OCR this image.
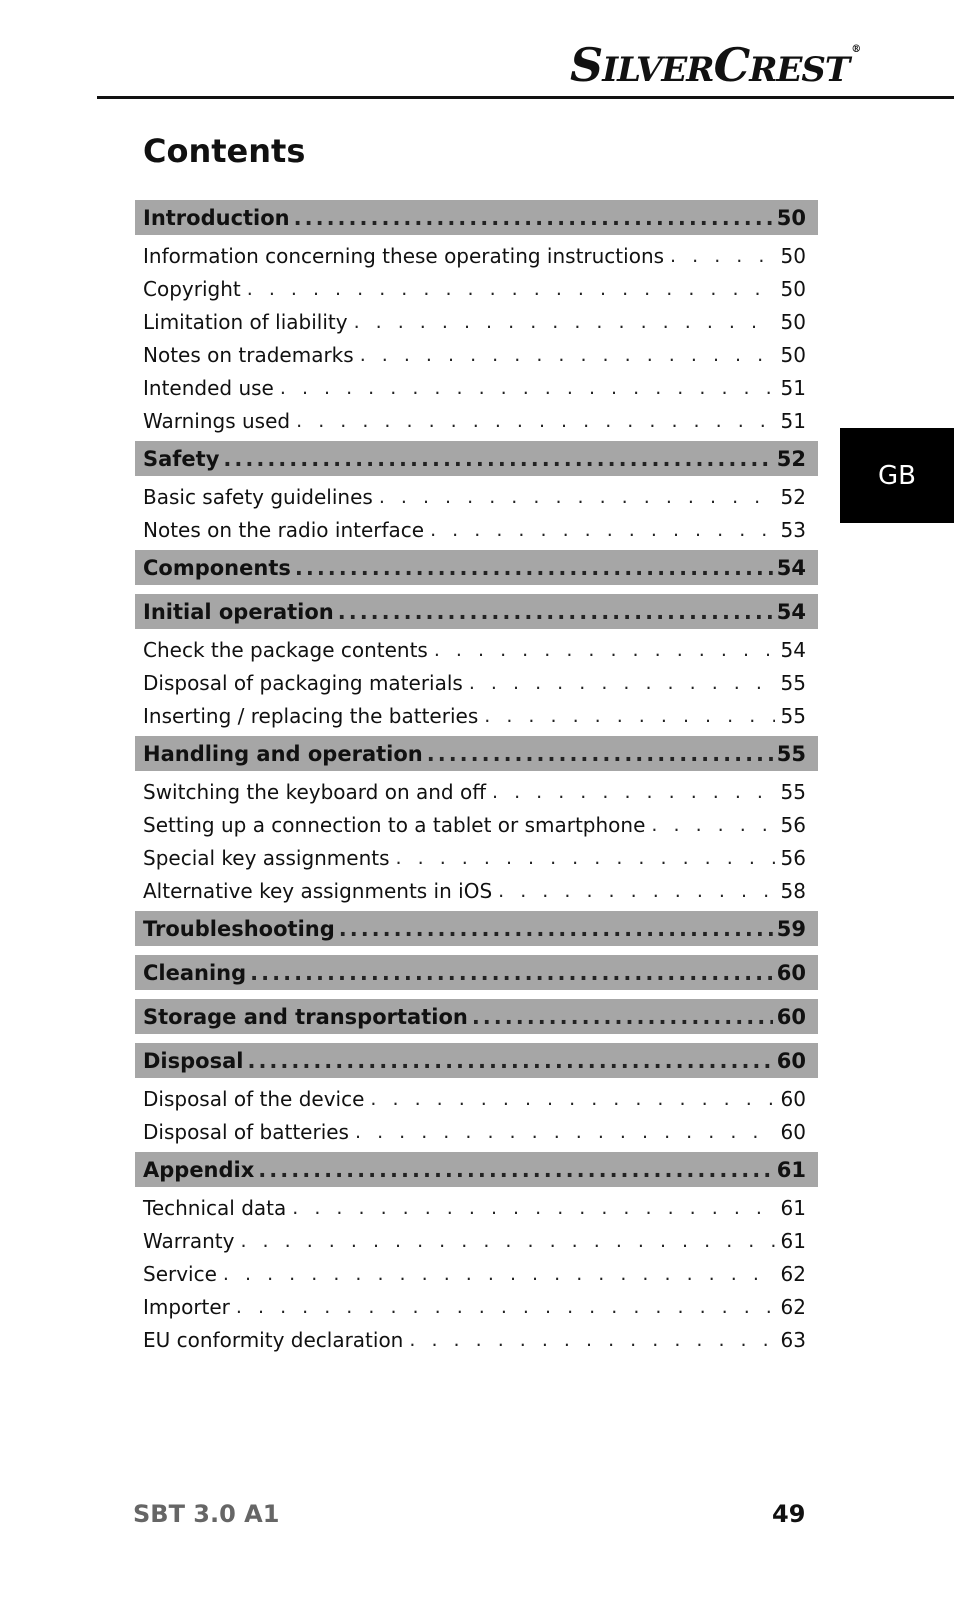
SILVERCREST®
Contents
Introduction .....	50
Information concerning these operating instructions . . .	50
Copyright . . .	50
Limitation of liability . . .	50
Notes on trademarks . . .	50
Intended use . . .	51
Warnings used . . .	51
Safety .....	52
Basic safety guidelines . . .	52
Notes on the radio interface . . .	53
Components .....	54
Initial operation .....	54
Check the package contents . . .	54
Disposal of packaging materials . . .	55
Inserting / replacing the batteries . . .	55
Handling and operation .....	55
Switching the keyboard on and off . . .	55
Setting up a connection to a tablet or smartphone . . .	56
Special key assignments . . .	56
Alternative key assignments in iOS . . .	58
Troubleshooting .....	59
Cleaning .....	60
Storage and transportation .....	60
Disposal .....	60
Disposal of the device . . .	60
Disposal of batteries . . .	60
Appendix .....	61
Technical data . . .	61
Warranty . . .	61
Service . . .	62
Importer . . .	62
EU conformity declaration . . .	63
GB
SBT 3.0 A1	49
